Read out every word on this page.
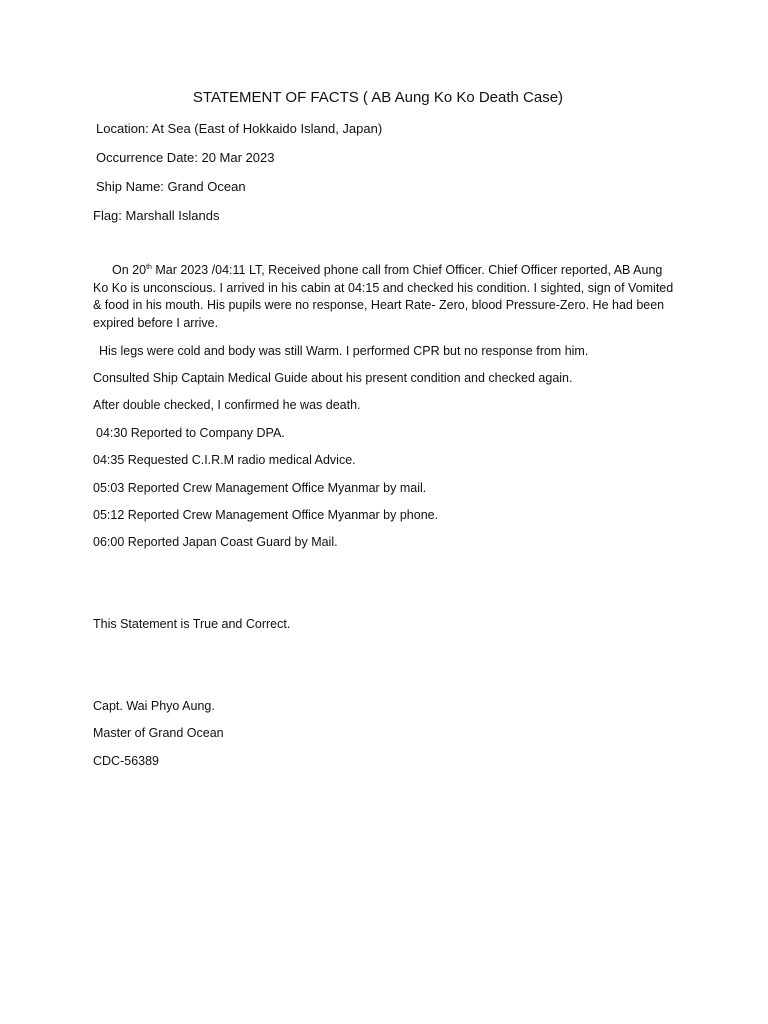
STATEMENT OF FACTS ( AB Aung Ko Ko Death Case)

Location: At Sea (East of Hokkaido Island, Japan)

Occurrence Date: 20 Mar 2023

Ship Name: Grand Ocean

Flag: Marshall Islands

On 20th Mar 2023 /04:11 LT, Received phone call from Chief Officer. Chief Officer reported, AB Aung Ko Ko is unconscious. I arrived in his cabin at 04:15 and checked his condition. I sighted, sign of Vomited & food in his mouth. His pupils were no response, Heart Rate- Zero, blood Pressure-Zero. He had been expired before I arrive.

His legs were cold and body was still Warm. I performed CPR but no response from him.

Consulted Ship Captain Medical Guide about his present condition and checked again.

After double checked, I confirmed he was death.

04:30 Reported to Company DPA.

04:35 Requested C.I.R.M radio medical Advice.

05:03 Reported Crew Management Office Myanmar by mail.

05:12 Reported Crew Management Office Myanmar by phone.

06:00 Reported Japan Coast Guard by Mail.

This Statement is True and Correct.

Capt. Wai Phyo Aung.

Master of Grand Ocean

CDC-56389
